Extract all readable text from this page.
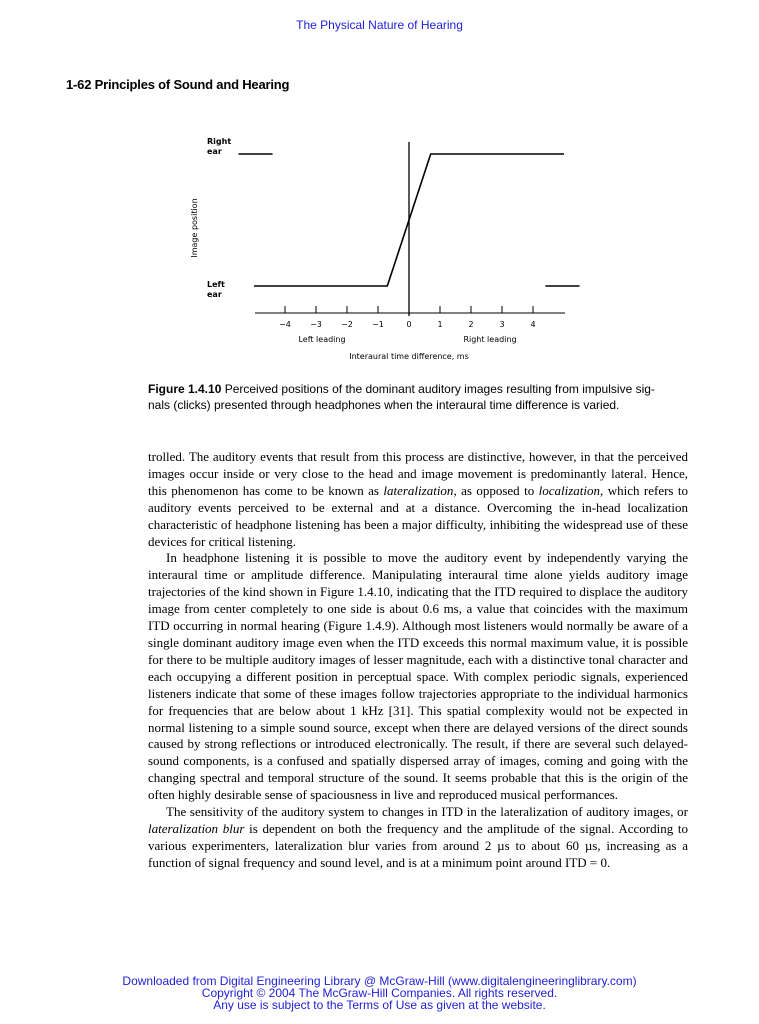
The Physical Nature of Hearing
1-62 Principles of Sound and Hearing
Right
ear
Image position
Left
ear
−4 −3 −2 −1	0	1	2	3	4
Left leading	Right leading
Interaural time difference, ms
Figure 1.4.10 Perceived positions of the dominant auditory images resulting from impulsive sig-
nals (clicks) presented through headphones when the interaural time difference is varied.

trolled. The auditory events that result from this process are distinctive, however, in that the perceived images occur inside or very close to the head and image movement is predominantly lateral. Hence, this phenomenon has come to be known as lateralization, as opposed to localization, which refers to auditory events perceived to be external and at a distance. Overcoming the in-head localization characteristic of headphone listening has been a major difficulty, inhibiting the widespread use of these devices for critical listening.

In headphone listening it is possible to move the auditory event by independently varying the interaural time or amplitude difference. Manipulating interaural time alone yields auditory image trajectories of the kind shown in Figure 1.4.10, indicating that the ITD required to displace the auditory image from center completely to one side is about 0.6 ms, a value that coincides with the maximum ITD occurring in normal hearing (Figure 1.4.9). Although most listeners would normally be aware of a single dominant auditory image even when the ITD exceeds this normal maximum value, it is possible for there to be multiple auditory images of lesser magnitude, each with a distinctive tonal character and each occupying a different position in perceptual space. With complex periodic signals, experienced listeners indicate that some of these images follow trajectories appropriate to the individual harmonics for frequencies that are below about 1 kHz [31]. This spatial complexity would not be expected in normal listening to a simple sound source, except when there are delayed versions of the direct sounds caused by strong reflections or introduced electronically. The result, if there are several such delayed-sound components, is a confused and spatially dispersed array of images, coming and going with the changing spectral and temporal structure of the sound. It seems probable that this is the origin of the often highly desirable sense of spaciousness in live and reproduced musical performances.

The sensitivity of the auditory system to changes in ITD in the lateralization of auditory images, or lateralization blur is dependent on both the frequency and the amplitude of the signal. According to various experimenters, lateralization blur varies from around 2 µs to about 60 µs, increasing as a function of signal frequency and sound level, and is at a minimum point around ITD = 0.

Downloaded from Digital Engineering Library @ McGraw-Hill (www.digitalengineeringlibrary.com)
Copyright © 2004 The McGraw-Hill Companies. All rights reserved.
Any use is subject to the Terms of Use as given at the website.
